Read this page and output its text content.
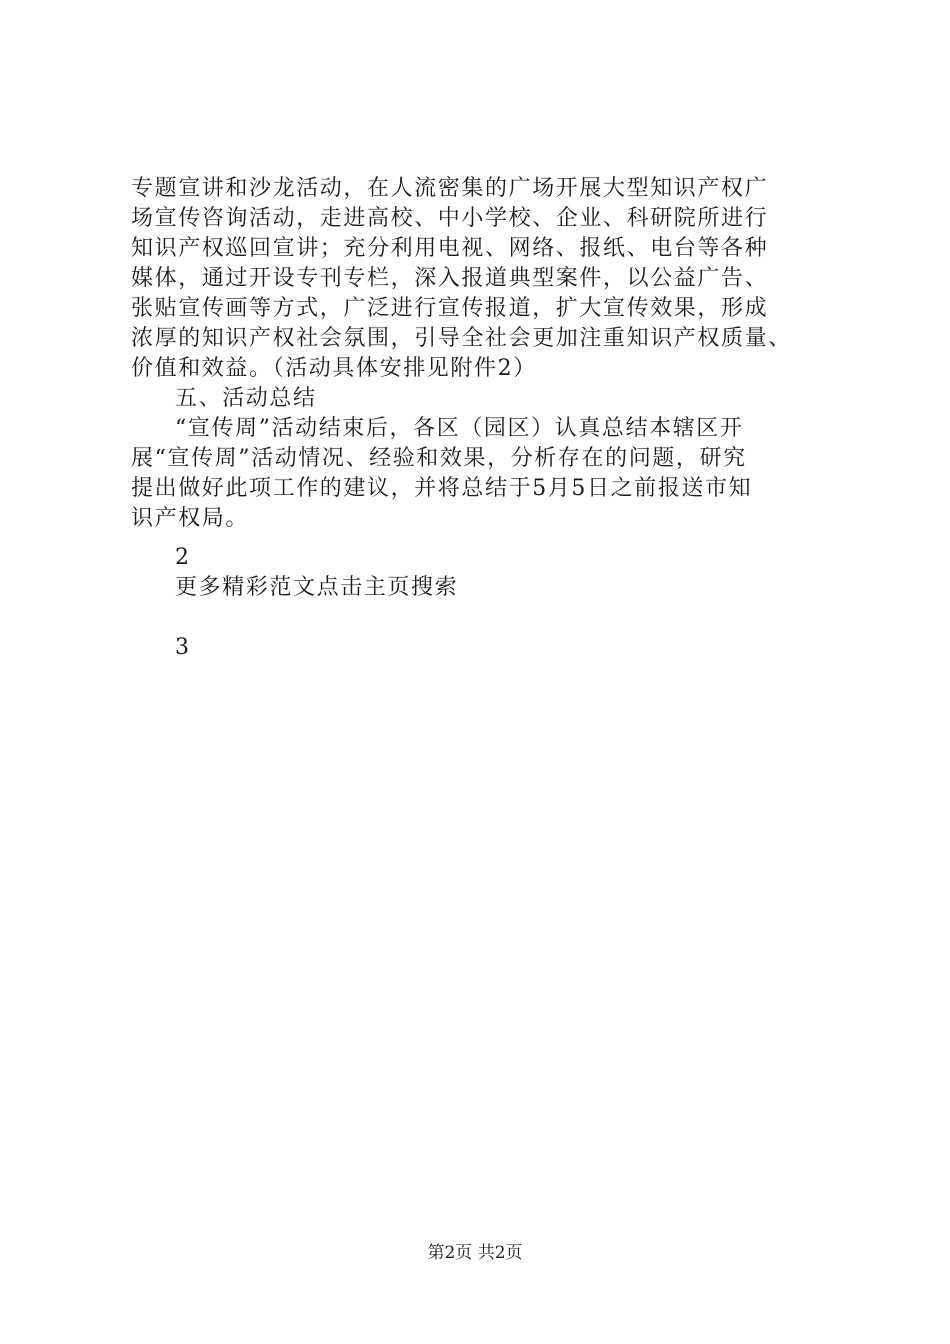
专题宣讲和沙龙活动，在人流密集的广场开展大型知识产权广
场宣传咨询活动，走进高校、中小学校、企业、科研院所进行
知识产权巡回宣讲；充分利用电视、网络、报纸、电台等各种
媒体，通过开设专刊专栏，深入报道典型案件，以公益广告、
张贴宣传画等方式，广泛进行宣传报道，扩大宣传效果，形成
浓厚的知识产权社会氛围，引导全社会更加注重知识产权质量、
价值和效益。（活动具体安排见附件2）
五、活动总结
“宣传周”活动结束后，各区（园区）认真总结本辖区开
展“宣传周”活动情况、经验和效果，分析存在的问题，研究
提出做好此项工作的建议，并将总结于5月5日之前报送市知
识产权局。
2
更多精彩范文点击主页搜索
3
第2页 共2页
